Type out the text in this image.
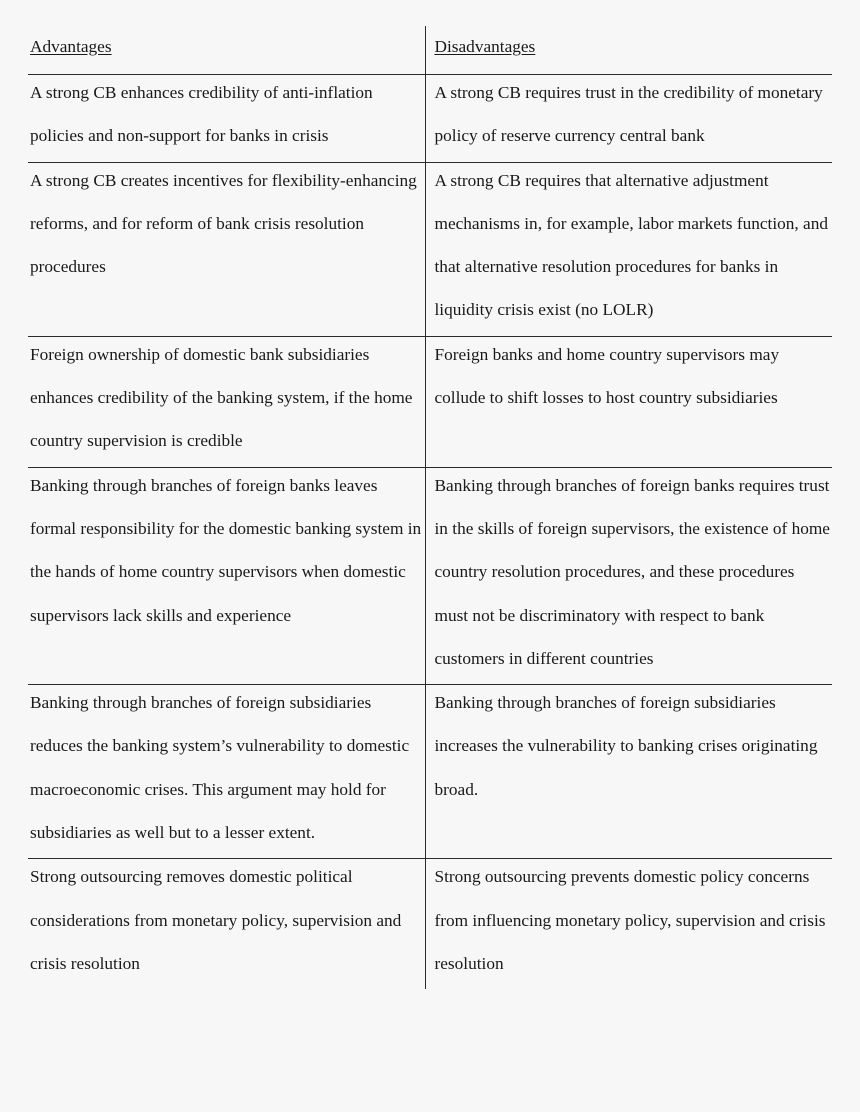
Advantages	Disadvantages

A strong CB enhances credibility of anti-inflation policies and non-support for banks in crisis	A strong CB requires trust in the credibility of monetary policy of reserve currency central bank

A strong CB creates incentives for flexibility-enhancing reforms, and for reform of bank crisis resolution procedures	A strong CB requires that alternative adjustment mechanisms in, for example, labor markets function, and that alternative resolution procedures for banks in liquidity crisis exist (no LOLR)

Foreign ownership of domestic bank subsidiaries enhances credibility of the banking system, if the home country supervision is credible	Foreign banks and home country supervisors may collude to shift losses to host country subsidiaries

Banking through branches of foreign banks leaves formal responsibility for the domestic banking system in the hands of home country supervisors when domestic supervisors lack skills and experience	Banking through branches of foreign banks requires trust in the skills of foreign supervisors, the existence of home country resolution procedures, and these procedures must not be discriminatory with respect to bank customers in different countries

Banking through branches of foreign subsidiaries reduces the banking system’s vulnerability to domestic macroeconomic crises. This argument may hold for subsidiaries as well but to a lesser extent.	Banking through branches of foreign subsidiaries increases the vulnerability to banking crises originating broad.

Strong outsourcing removes domestic political considerations from monetary policy, supervision and crisis resolution	Strong outsourcing prevents domestic policy concerns from influencing monetary policy, supervision and crisis resolution
